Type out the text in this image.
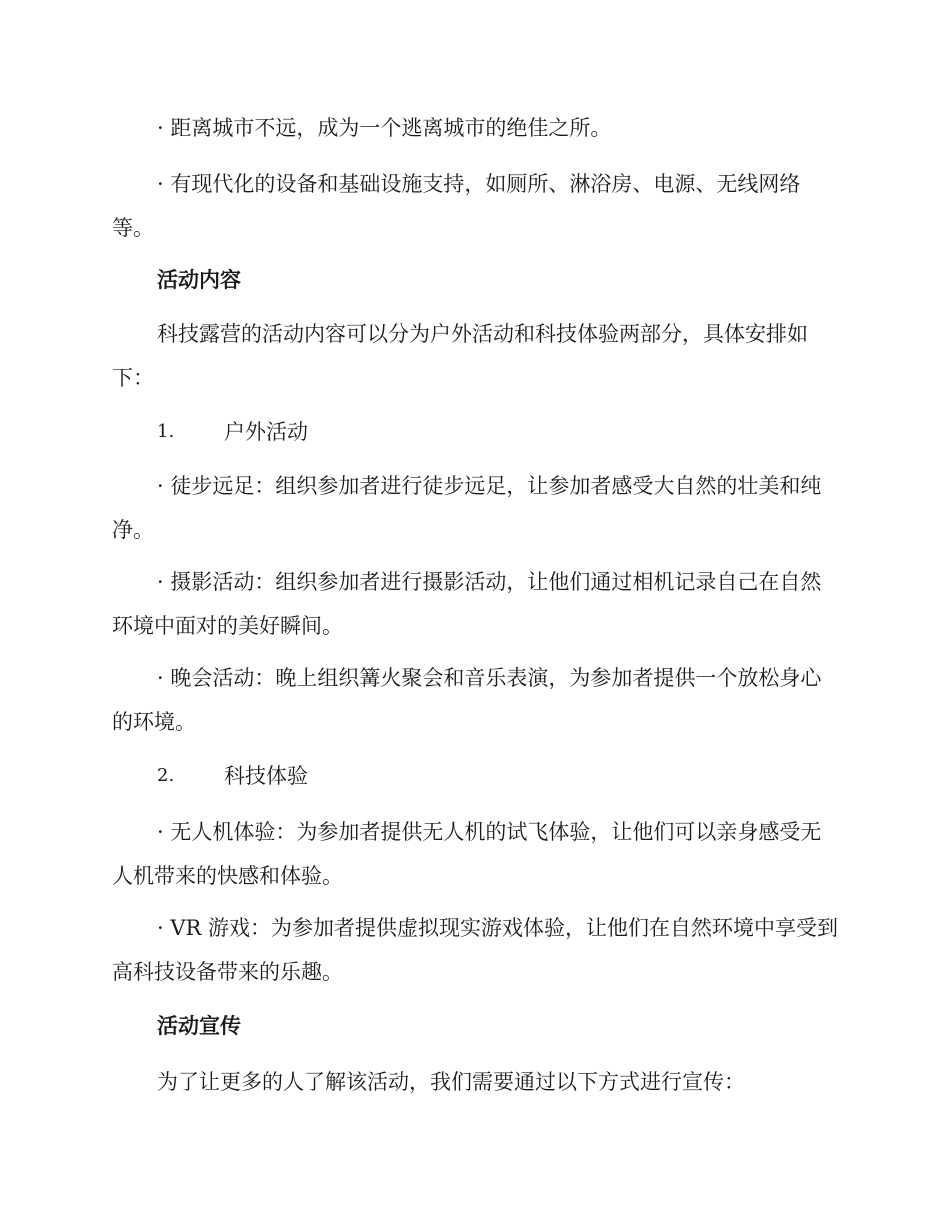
· 距离城市不远，成为一个逃离城市的绝佳之所。

· 有现代化的设备和基础设施支持，如厕所、淋浴房、电源、无线网络等。

活动内容

科技露营的活动内容可以分为户外活动和科技体验两部分，具体安排如下：

1.	户外活动

· 徒步远足：组织参加者进行徒步远足，让参加者感受大自然的壮美和纯净。

· 摄影活动：组织参加者进行摄影活动，让他们通过相机记录自己在自然环境中面对的美好瞬间。

· 晚会活动：晚上组织篝火聚会和音乐表演，为参加者提供一个放松身心的环境。

2.	科技体验

· 无人机体验：为参加者提供无人机的试飞体验，让他们可以亲身感受无人机带来的快感和体验。

· VR 游戏：为参加者提供虚拟现实游戏体验，让他们在自然环境中享受到高科技设备带来的乐趣。

活动宣传

为了让更多的人了解该活动，我们需要通过以下方式进行宣传：
